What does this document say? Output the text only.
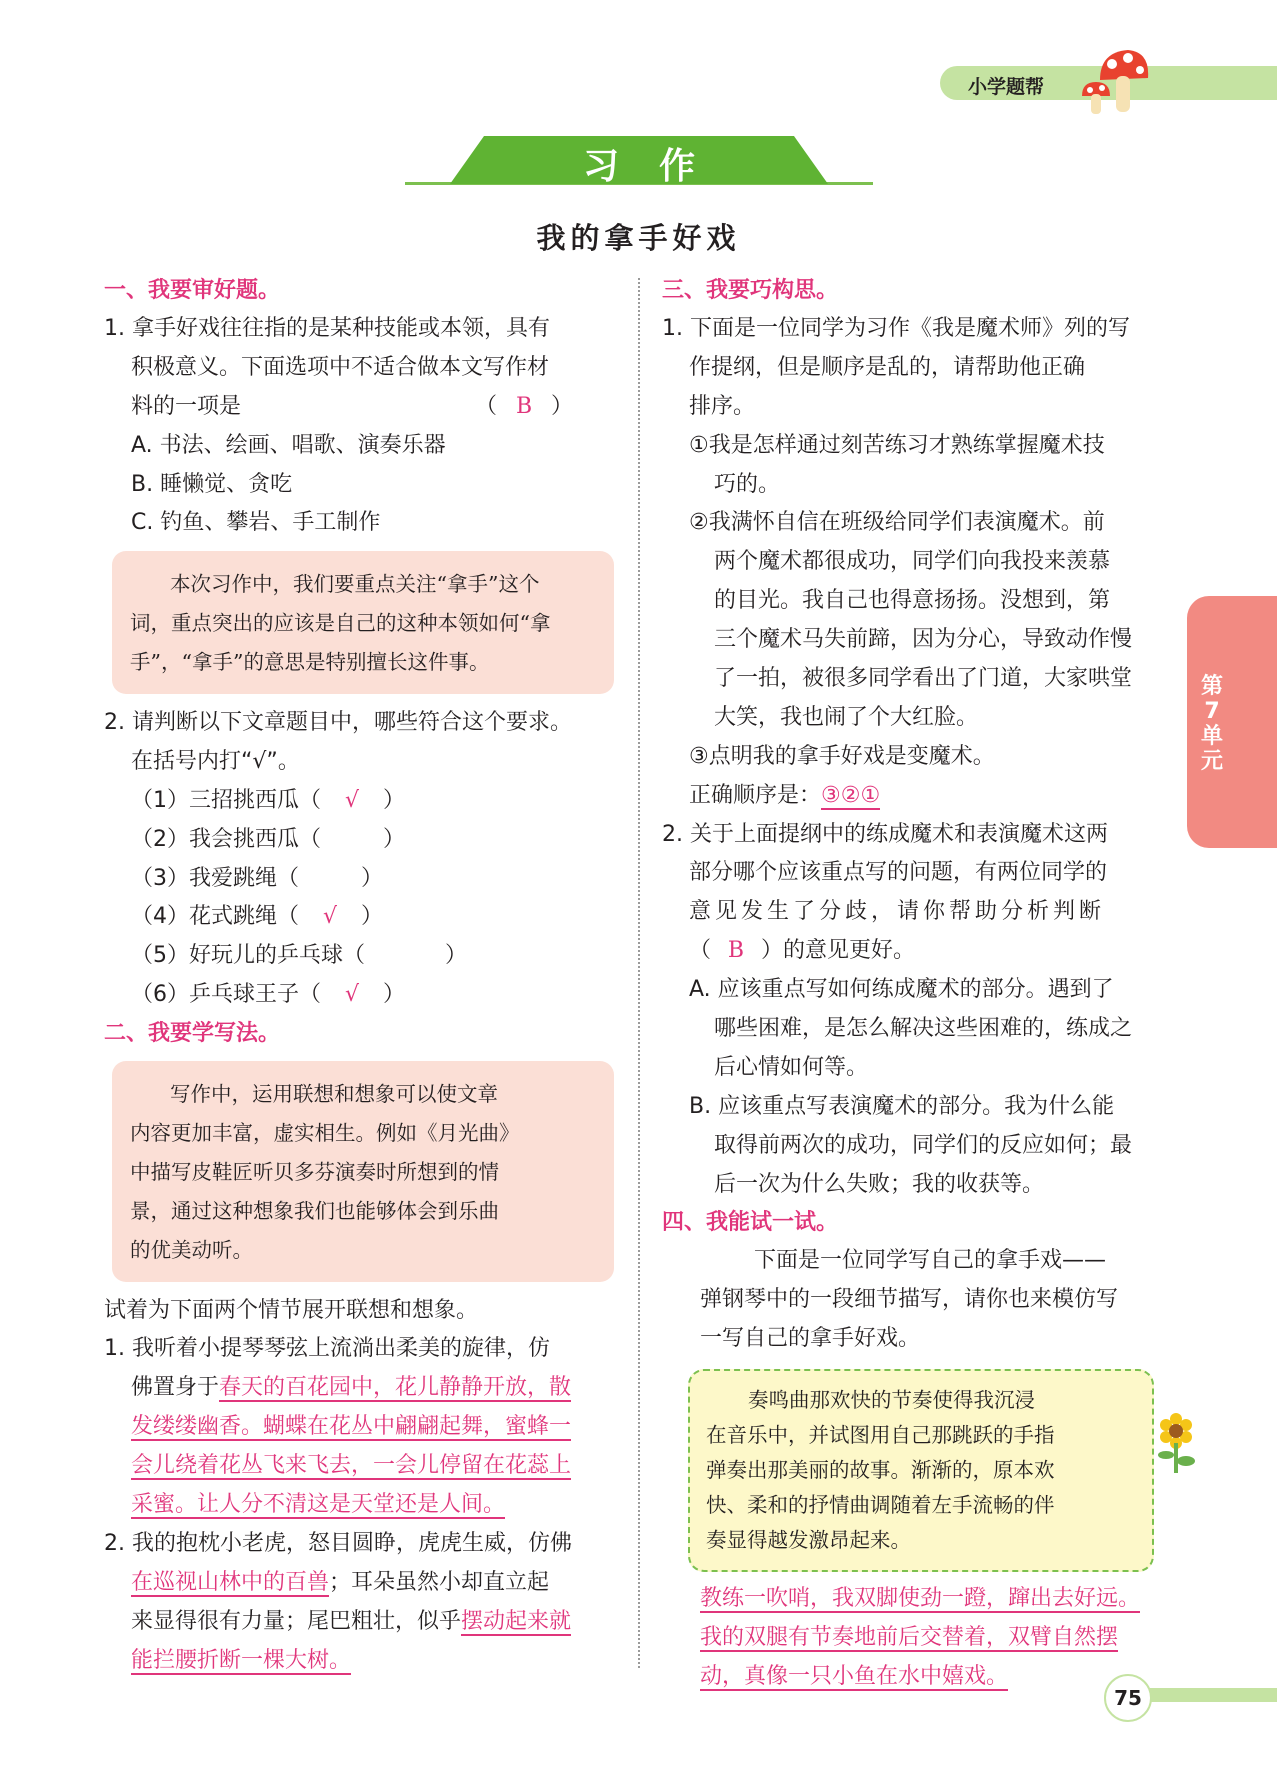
小学题帮
习作
我的拿手好戏
一、我要审好题。
1. 拿手好戏往往指的是某种技能或本领，具有
积极意义。下面选项中不适合做本文写作材
料的一项是	（ B ）
A. 书法、绘画、唱歌、演奏乐器
B. 睡懒觉、贪吃
C. 钓鱼、攀岩、手工制作
本次习作中，我们要重点关注“拿手”这个
词，重点突出的应该是自己的这种本领如何“拿
手”，“拿手”的意思是特别擅长这件事。
2. 请判断以下文章题目中，哪些符合这个要求。
在括号内打“√”。
（1）三招挑西瓜（ √ ）
（2）我会挑西瓜（	）
（3）我爱跳绳（	）
（4）花式跳绳（ √ ）
（5）好玩儿的乒乓球（	）
（6）乒乓球王子（ √ ）
二、我要学写法。
写作中，运用联想和想象可以使文章
内容更加丰富，虚实相生。例如《月光曲》
中描写皮鞋匠听贝多芬演奏时所想到的情
景，通过这种想象我们也能够体会到乐曲
的优美动听。
试着为下面两个情节展开联想和想象。
1. 我听着小提琴琴弦上流淌出柔美的旋律，仿
佛置身于春天的百花园中，花儿静静开放，散
发缕缕幽香。蝴蝶在花丛中翩翩起舞，蜜蜂一
会儿绕着花丛飞来飞去，一会儿停留在花蕊上
采蜜。让人分不清这是天堂还是人间。
2. 我的抱枕小老虎，怒目圆睁，虎虎生威，仿佛
在巡视山林中的百兽；耳朵虽然小却直立起
来显得很有力量；尾巴粗壮，似乎摆动起来就
能拦腰折断一棵大树。
三、我要巧构思。
1. 下面是一位同学为习作《我是魔术师》列的写
作提纲，但是顺序是乱的，请帮助他正确
排序。
①我是怎样通过刻苦练习才熟练掌握魔术技
巧的。
②我满怀自信在班级给同学们表演魔术。前
两个魔术都很成功，同学们向我投来羡慕
的目光。我自己也得意扬扬。没想到，第
三个魔术马失前蹄，因为分心，导致动作慢
了一拍，被很多同学看出了门道，大家哄堂
大笑，我也闹了个大红脸。
③点明我的拿手好戏是变魔术。
正确顺序是：③②①
2. 关于上面提纲中的练成魔术和表演魔术这两
部分哪个应该重点写的问题，有两位同学的
意见发生了分歧，请你帮助分析判断
（ B ）的意见更好。
A. 应该重点写如何练成魔术的部分。遇到了
哪些困难，是怎么解决这些困难的，练成之
后心情如何等。
B. 应该重点写表演魔术的部分。我为什么能
取得前两次的成功，同学们的反应如何；最
后一次为什么失败；我的收获等。
四、我能试一试。
下面是一位同学写自己的拿手戏——
弹钢琴中的一段细节描写，请你也来模仿写
一写自己的拿手好戏。
奏鸣曲那欢快的节奏使得我沉浸
在音乐中，并试图用自己那跳跃的手指
弹奏出那美丽的故事。渐渐的，原本欢
快、柔和的抒情曲调随着左手流畅的伴
奏显得越发激昂起来。
教练一吹哨，我双脚使劲一蹬，蹿出去好远。
我的双腿有节奏地前后交替着，双臂自然摆
动，真像一只小鱼在水中嬉戏。
第7单元
75
